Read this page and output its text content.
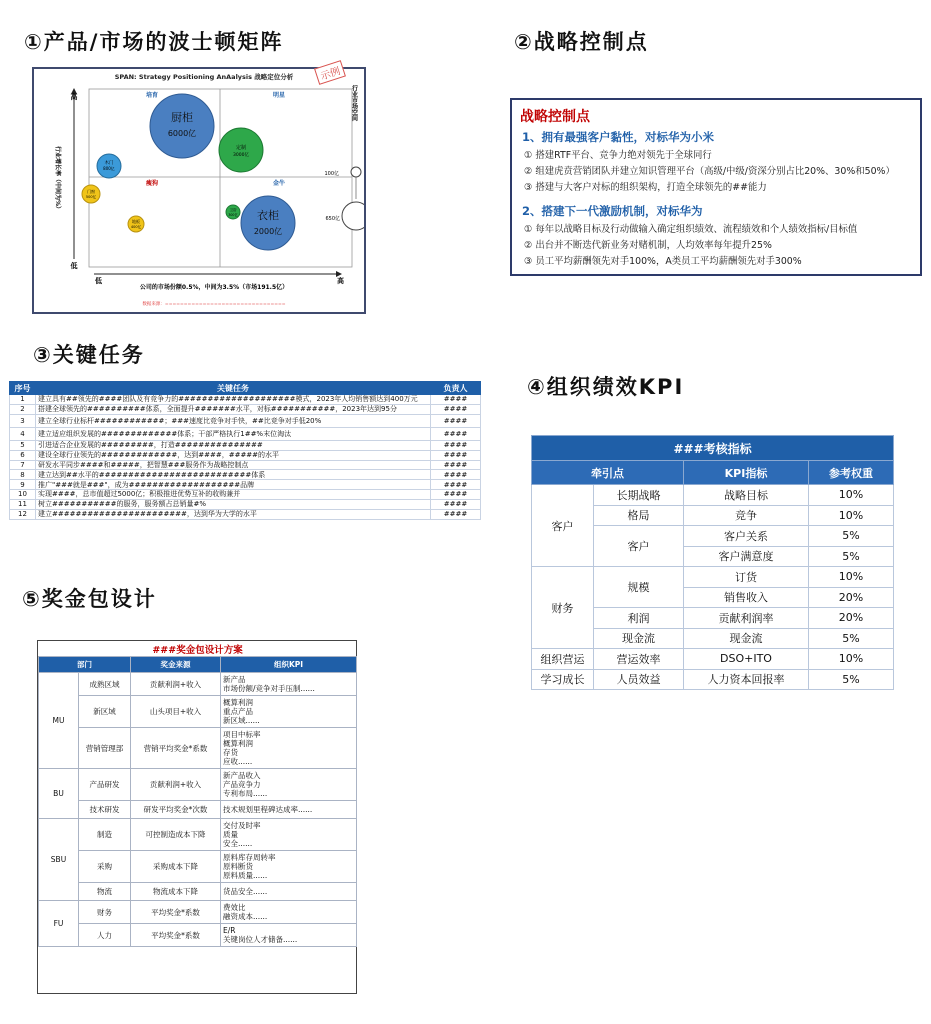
①产品/市场的波士顿矩阵	②战略控制点
③关键任务
④组织绩效KPI
⑤奖金包设计
SPAN: Strategy Positioning AnAalysis 战略定位分析
培育	明星
瘦狗	金牛
高
低
低	高
行业增长率（中间为%）
公司的市场份额0.5%，中间为3.5%（市场191.5亿）
数据来源：================================
厨柜
6000亿
衣柜
2000亿
定制
3000亿
木门
800亿
门窗
500亿
地板
400亿
卫浴
300亿
行业市场空间
100亿
650亿
示例
战略控制点
1、拥有最强客户黏性，对标华为小米
① 搭建RTF平台、竞争力绝对领先于全球同行
② 组建虎贲营销团队并建立知识管理平台（高级/中级/资深分别占比20%、30%和50%）
③ 搭建与大客户对标的组织架构，打造全球领先的##能力
2、搭建下一代激励机制，对标华为
① 每年以战略目标及行动做输入确定组织绩效、流程绩效和个人绩效指标/目标值
② 出台并不断迭代新业务对赌机制，人均效率每年提升25%
③ 员工平均薪酬领先对手100%，A类员工平均薪酬领先对手300%
序号	关键任务	负责人
1	建立具有##领先的####团队及有竞争力的####################模式，2023年人均销售额达到400万元	####
2	搭建全球领先的##########体系，全面提升#######水平，对标###########，2023年达到95分	####
3	建立全球行业标杆############；###速度比竞争对手快，##比竞争对手低20%	####
4	建立适应组织发展的#############体系；干部严格执行1##%末位淘汰	####
5	引进适合企业发展的#########，打造###############	####
6	建设全球行业领先的#############，达到####，#####的水平	####
7	研发水平同步####和#####，把智慧###服务作为战略控制点	####
8	建立达到##水平的##########################体系	####
9	推广"###就是###"，成为###################品牌	####
10	实现####，总市值超过5000亿；积极推进优势互补的收购兼并	####
11	树立###########的服务，服务额占总销量#%	####
12	建立#######################，达到华为大学的水平	####
###考核指标			
牵引点		KPI指标	参考权重
客户	长期战略	战略目标	10%
	格局	竞争	10%
	客户	客户关系	5%
		客户满意度	5%
财务	规模	订货	10%
		销售收入	20%
	利润	贡献利润率	20%
	现金流	现金流	5%
组织营运	营运效率	DSO+ITO	10%
学习成长	人员效益	人力资本回报率	5%
###奖金包设计方案			
部门		奖金来源	组织KPI
MU	成熟区域	贡献利润+收入	新产品
市场份额/竞争对手压制......

	新区域	山头项目+收入	概算利润
重点产品
新区域......

	营销管理部	营销平均奖金*系数	项目中标率
概算利润
存货
应收......

BU	产品研发	贡献利润+收入	新产品收入
产品竞争力
专利布局......

	技术研发	研发平均奖金*次数	技术规划里程碑达成率......

SBU	制造	可控制造成本下降	交付及时率
质量
安全......

	采购	采购成本下降	原料库存周转率
原料断货
原料质量......

	物流	物流成本下降	货品安全......

FU	财务	平均奖金*系数	费效比
融资成本......

	人力	平均奖金*系数	E/R
关键岗位人才储备......
